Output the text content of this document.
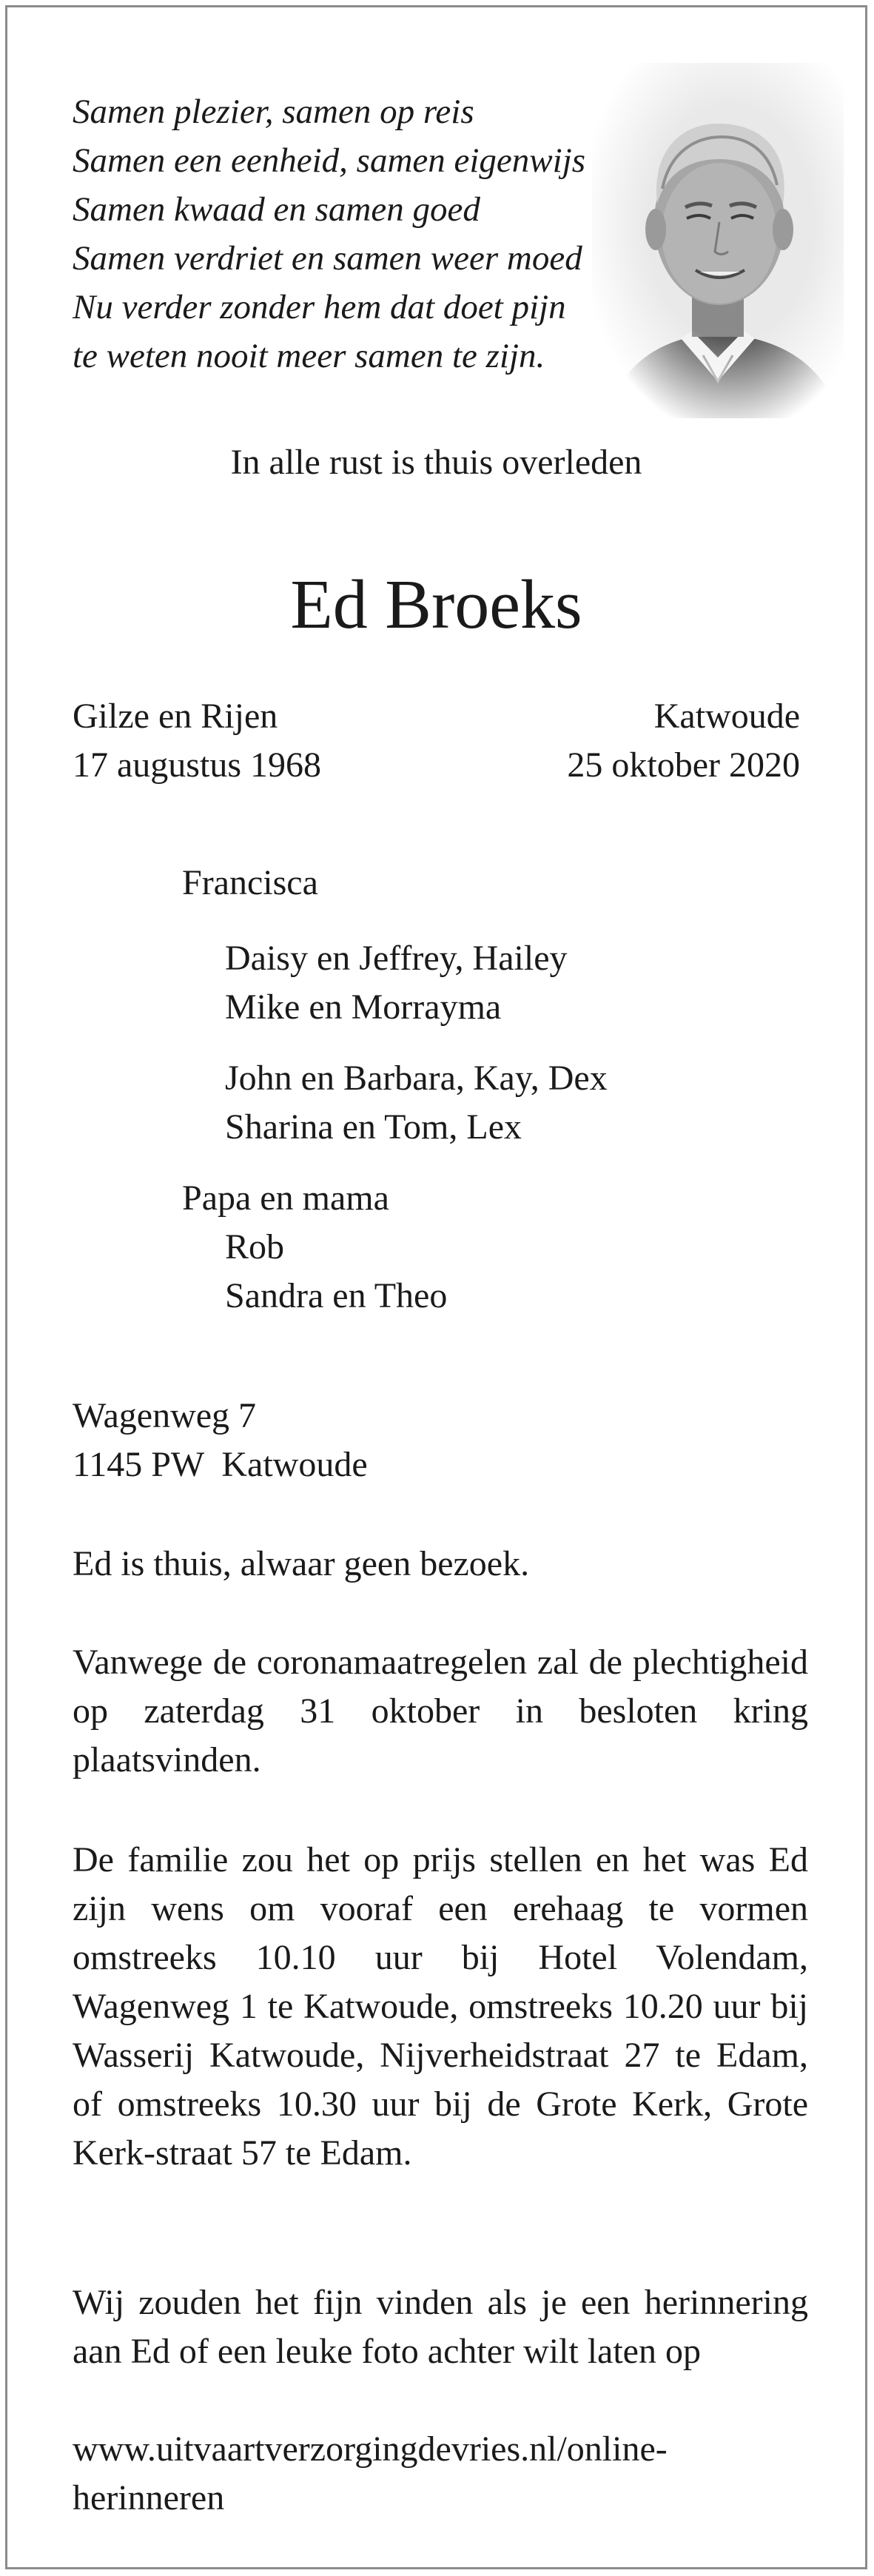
Samen plezier, samen op reis
Samen een eenheid, samen eigenwijs
Samen kwaad en samen goed
Samen verdriet en samen weer moed
Nu verder zonder hem dat doet pijn
te weten nooit meer samen te zijn.
In alle rust is thuis overleden
Ed Broeks
Gilze en Rijen
17 augustus 1968
Katwoude
25 oktober 2020
Francisca
Daisy en Jeffrey, Hailey
Mike en Morrayma
John en Barbara, Kay, Dex
Sharina en Tom, Lex
Papa en mama
Rob
Sandra en Theo
Wagenweg 7
1145 PW  Katwoude
Ed is thuis, alwaar geen bezoek.
Vanwege de coronamaatregelen zal de plechtigheid op zaterdag 31 oktober in besloten kring plaatsvinden.
De familie zou het op prijs stellen en het was Ed zijn wens om vooraf een erehaag te vormen omstreeks 10.10 uur bij Hotel Volendam, Wagenweg 1 te Katwoude, omstreeks 10.20 uur bij Wasserij Katwoude, Nijverheidstraat 27 te Edam, of omstreeks 10.30 uur bij de Grote Kerk, Grote Kerk-straat 57 te Edam.
Wij zouden het fijn vinden als je een herinnering aan Ed of een leuke foto achter wilt laten op
www.uitvaartverzorgingdevries.nl/online-
herinneren
